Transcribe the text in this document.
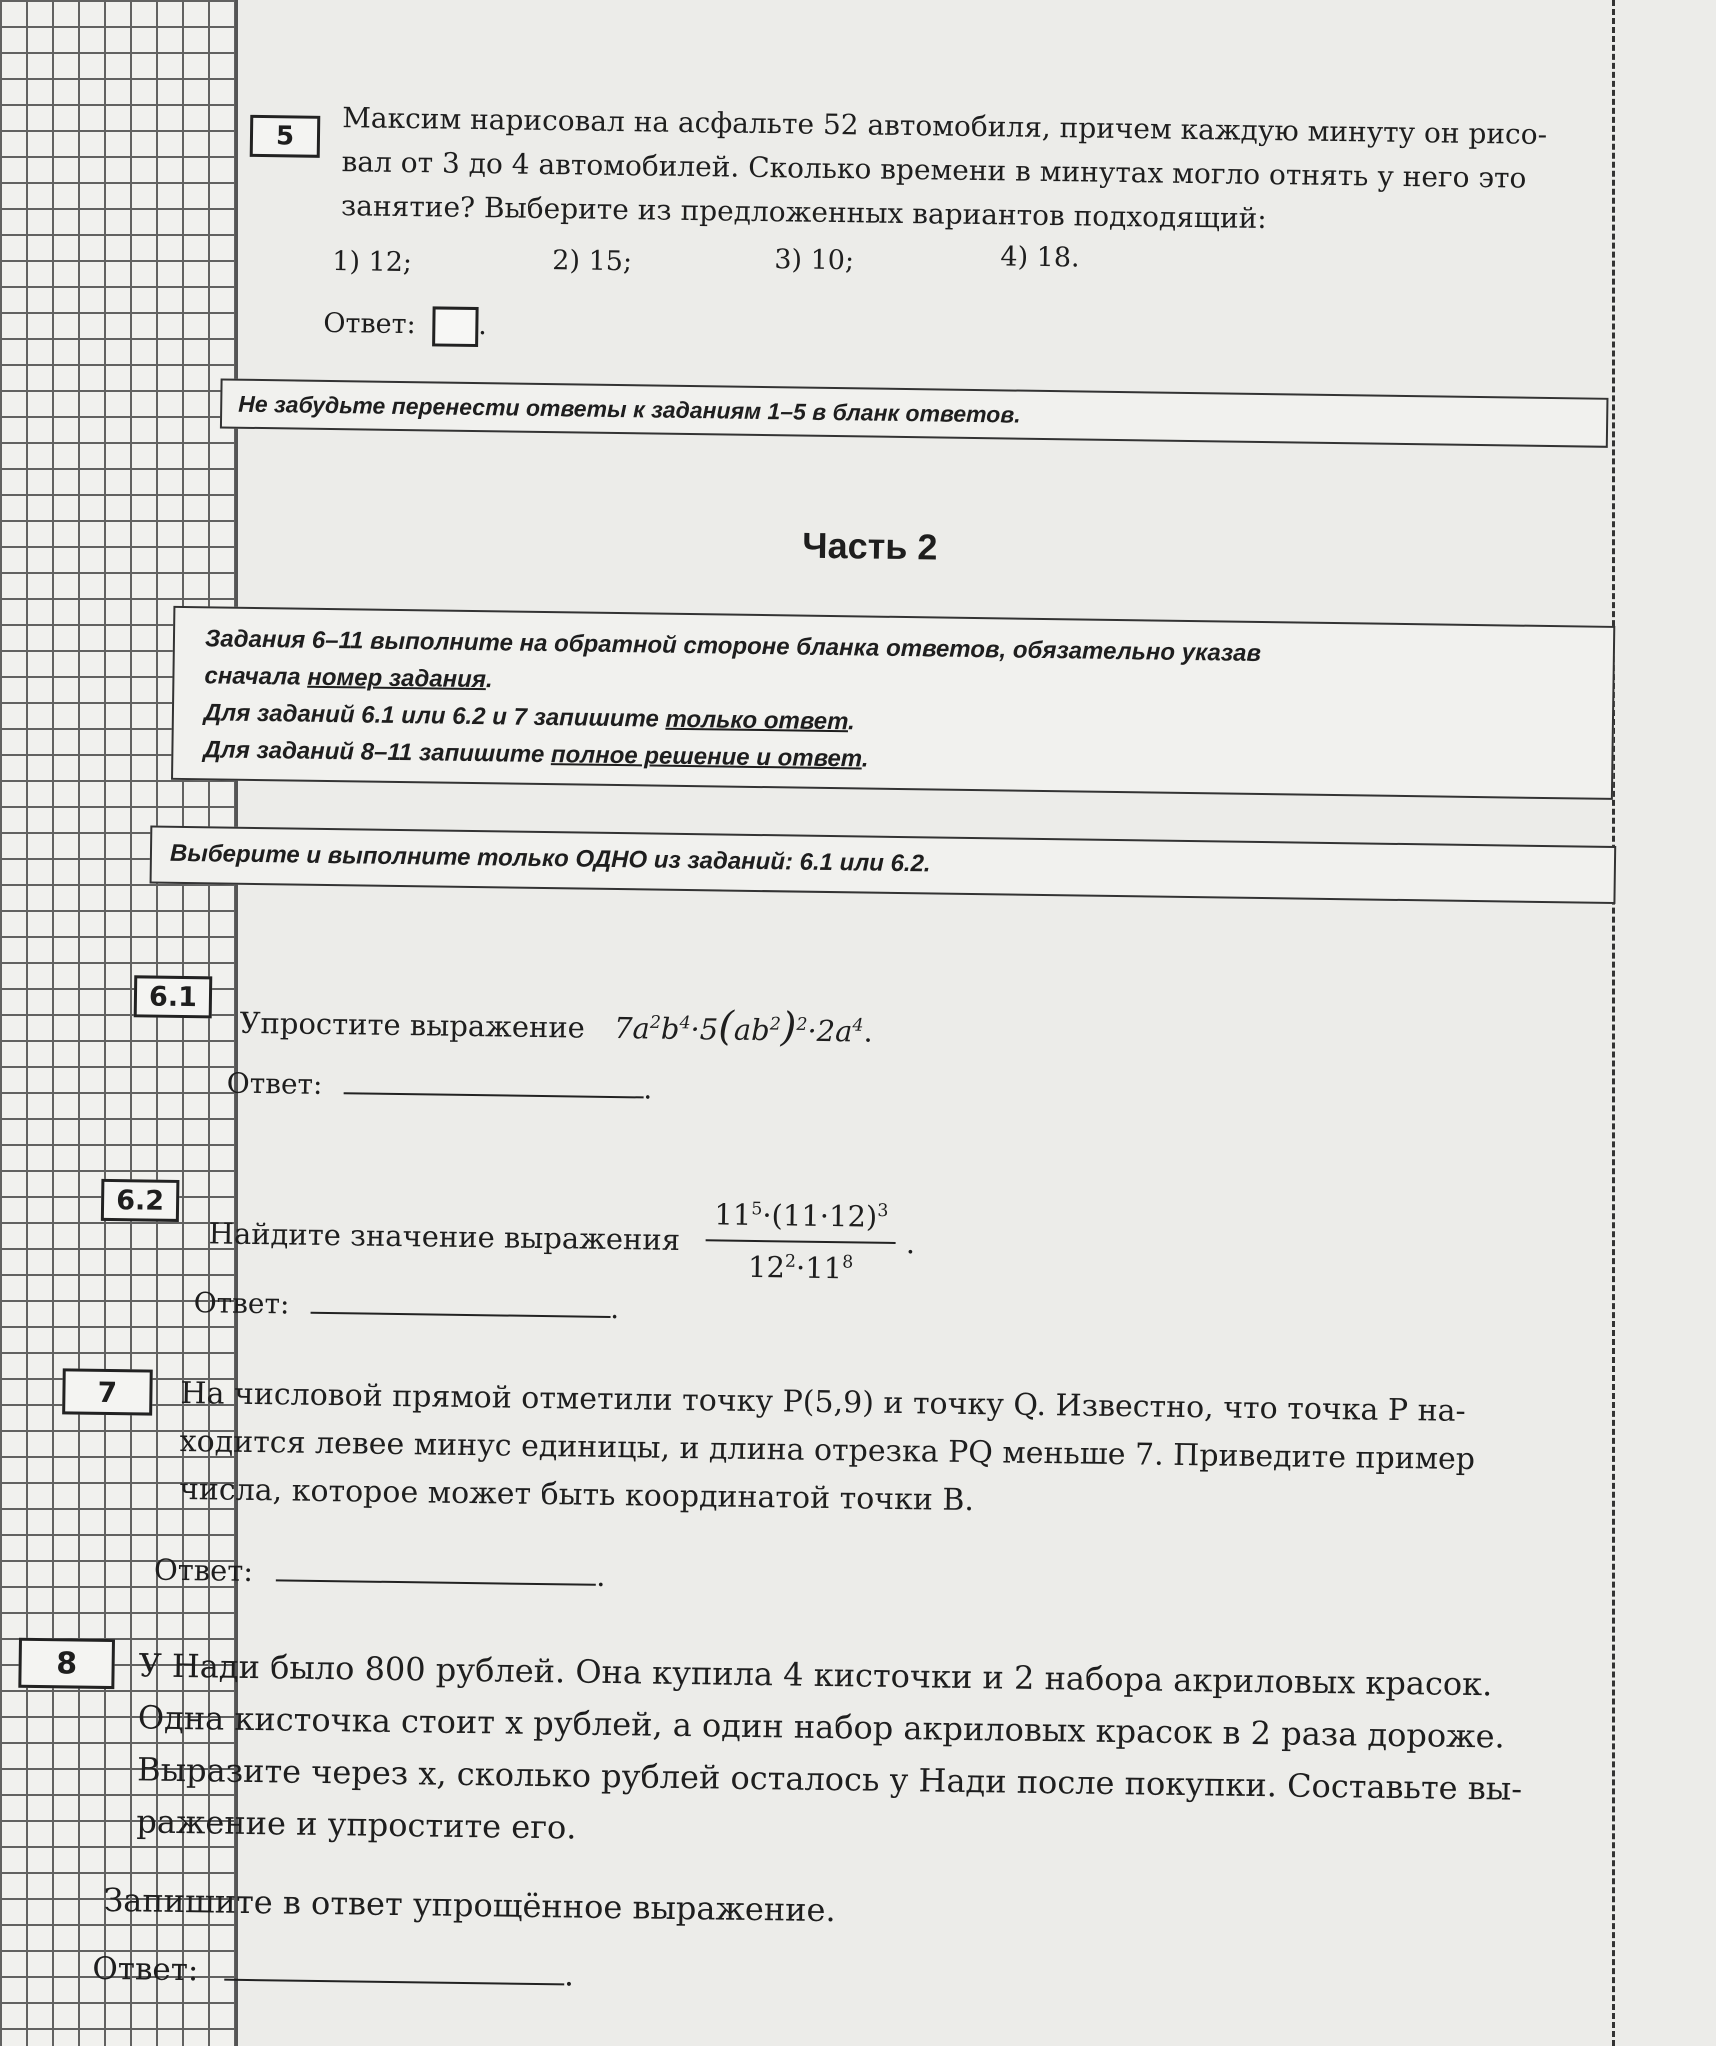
5	Максим нарисовал на асфальте 52 автомобиля, причем каждую минуту он рисо-
вал от 3 до 4 автомобилей. Сколько времени в минутах могло отнять у него это
занятие? Выберите из предложенных вариантов подходящий:
1) 12;	2) 15;	3) 10;	4) 18.
Ответ: .
Не забудьте перенести ответы к заданиям 1–5 в бланк ответов.
Часть 2
Задания 6–11 выполните на обратной стороне бланка ответов, обязательно указав
сначала номер задания.
Для заданий 6.1 или 6.2 и 7 запишите только ответ.
Для заданий 8–11 запишите полное решение и ответ.
Выберите и выполните только ОДНО из заданий: 6.1 или 6.2.
6.1
Упростите выражение $7a^2b^4\cdot 5(ab^2)^2\cdot 2a^4$.
Ответ:	.
6.2
Найдите значение выражения $\frac{11^5\cdot(11\cdot 12)^3}{12^2\cdot 11^8}$ .
Ответ:	.
7	На числовой прямой отметили точку P(5,9) и точку Q. Известно, что точка P на-
ходится левее минус единицы, и длина отрезка PQ меньше 7. Приведите пример
числа, которое может быть координатой точки B.
Ответ:	.
8	У Нади было 800 рублей. Она купила 4 кисточки и 2 набора акриловых красок.
Одна кисточка стоит x рублей, а один набор акриловых красок в 2 раза дороже.
Выразите через x, сколько рублей осталось у Нади после покупки. Составьте вы-
ражение и упростите его.
Запишите в ответ упрощённое выражение.
Ответ:	.
